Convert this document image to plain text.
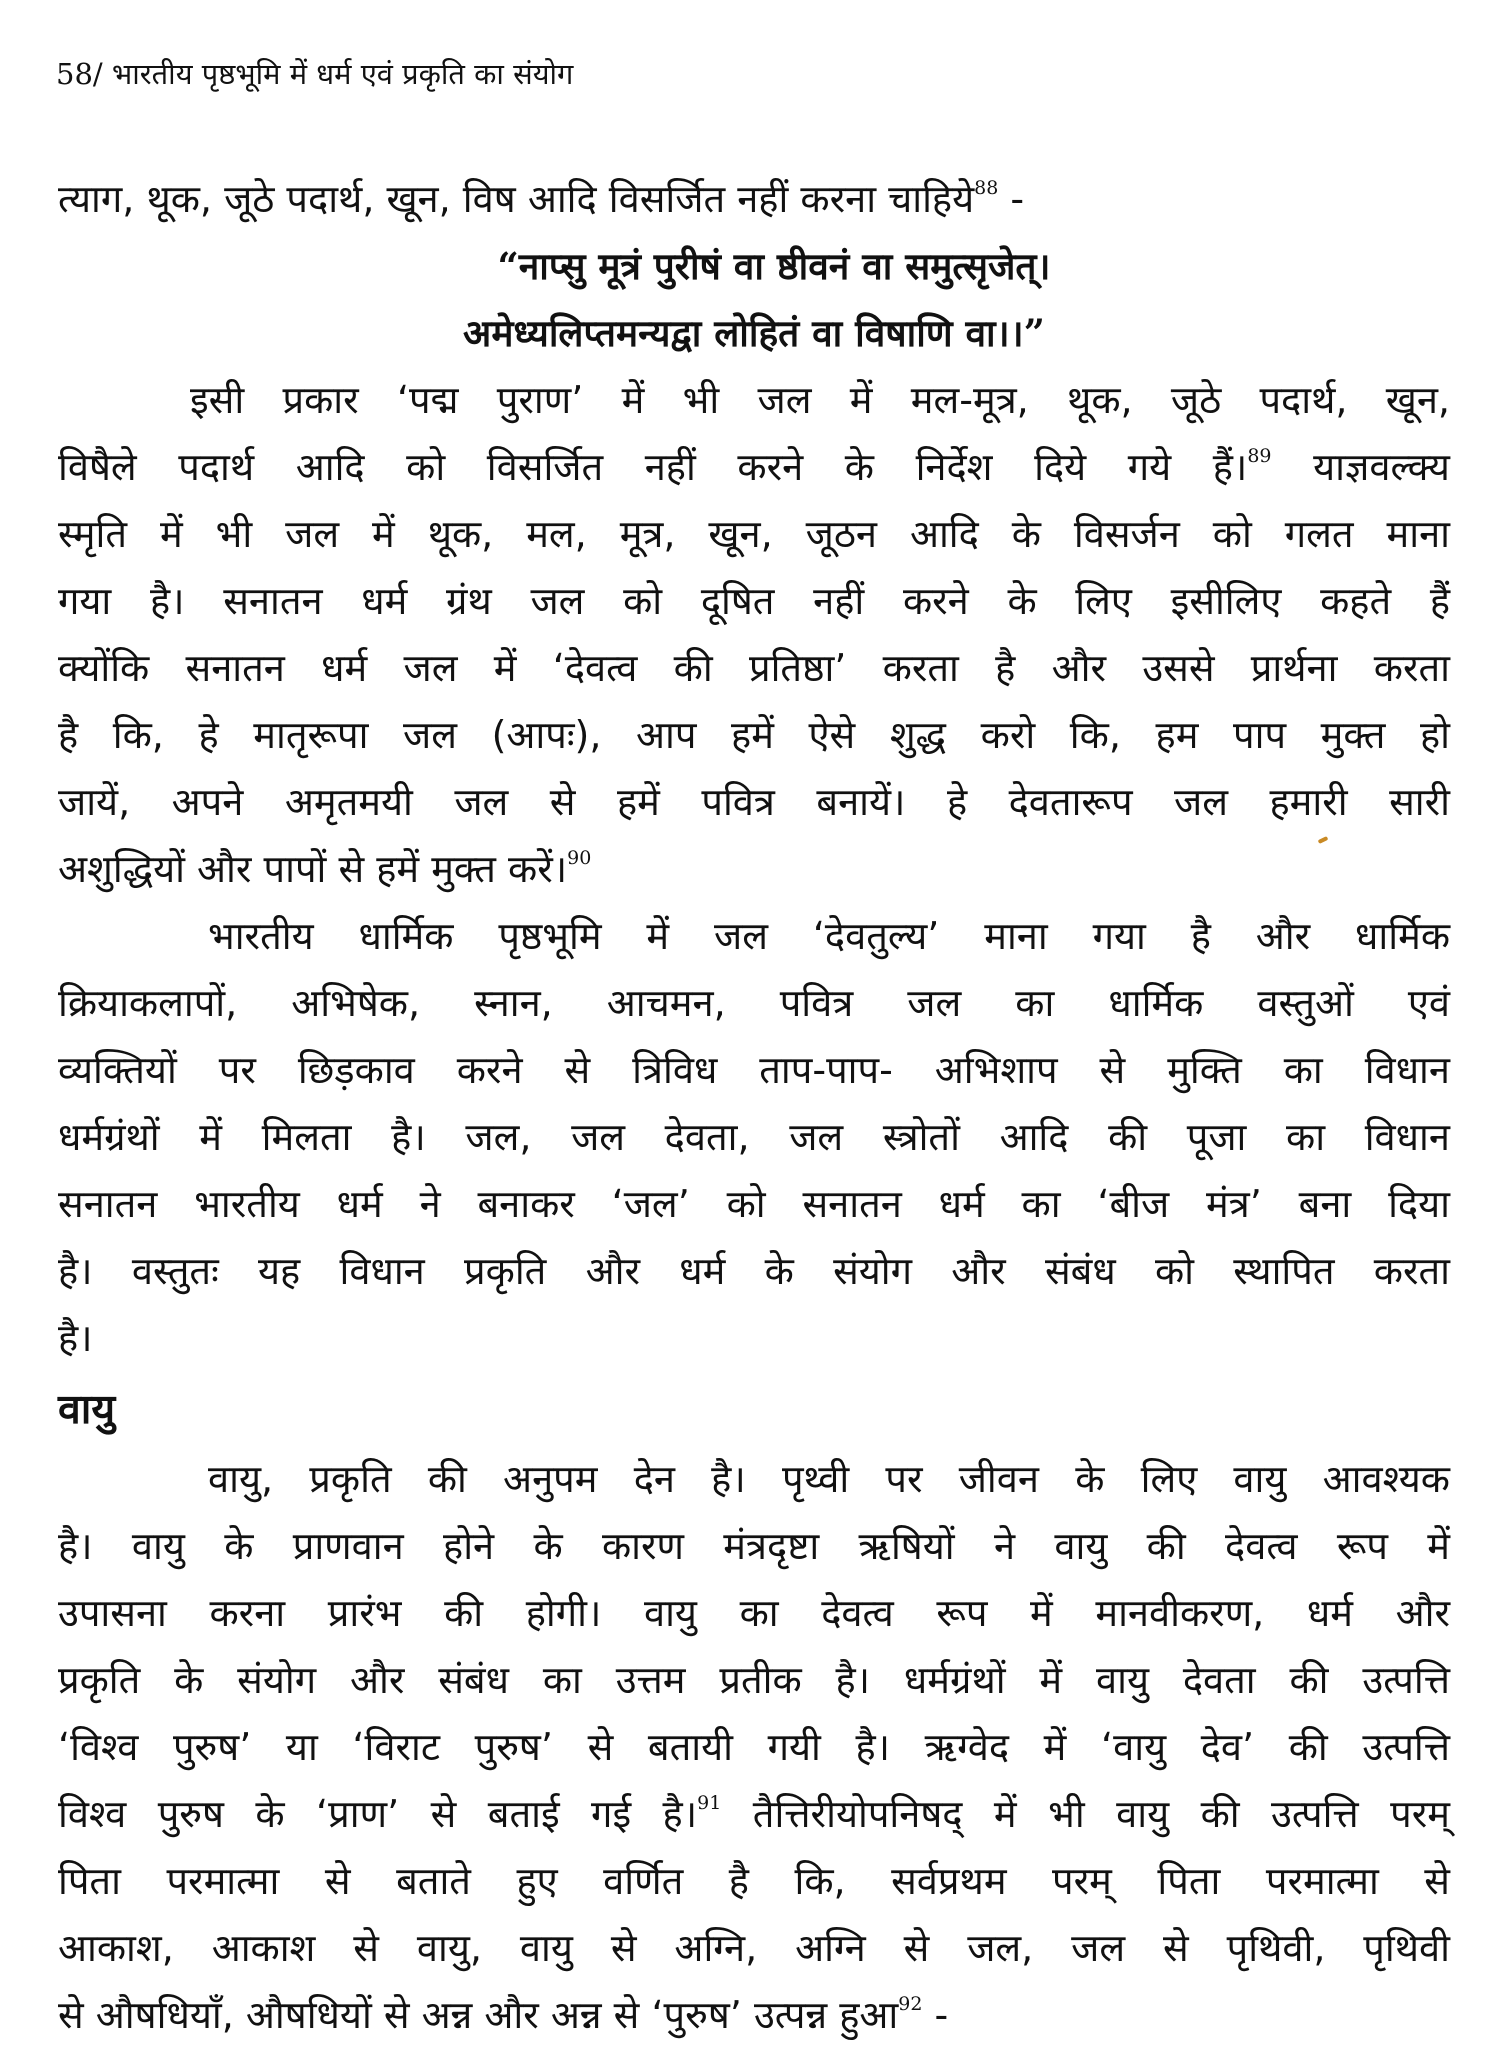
58/ भारतीय पृष्ठभूमि में धर्म एवं प्रकृति का संयोग
त्याग, थूक, जूठे पदार्थ, खून, विष आदि विसर्जित नहीं करना चाहिये$^{88}$ -
“नाप्सु मूत्रं पुरीषं वा ष्ठीवनं वा समुत्सृजेत्।
अमेध्यलिप्तमन्यद्वा लोहितं वा विषाणि वा।।”
इसी प्रकार ‘पद्म पुराण’ में भी जल में मल-मूत्र, थूक, जूठे पदार्थ, खून,
विषैले पदार्थ आदि को विसर्जित नहीं करने के निर्देश दिये गये हैं।$^{89}$ याज्ञवल्क्य
स्मृति में भी जल में थूक, मल, मूत्र, खून, जूठन आदि के विसर्जन को गलत माना
गया है। सनातन धर्म ग्रंथ जल को दूषित नहीं करने के लिए इसीलिए कहते हैं
क्योंकि सनातन धर्म जल में ‘देवत्व की प्रतिष्ठा’ करता है और उससे प्रार्थना करता
है कि, हे मातृरूपा जल (आपः), आप हमें ऐसे शुद्ध करो कि, हम पाप मुक्त हो
जायें, अपने अमृतमयी जल से हमें पवित्र बनायें। हे देवतारूप जल हमारी सारी
अशुद्धियों और पापों से हमें मुक्त करें।$^{90}$
भारतीय धार्मिक पृष्ठभूमि में जल ‘देवतुल्य’ माना गया है और धार्मिक
क्रियाकलापों, अभिषेक, स्नान, आचमन, पवित्र जल का धार्मिक वस्तुओं एवं
व्यक्तियों पर छिड़काव करने से त्रिविध ताप-पाप- अभिशाप से मुक्ति का विधान
धर्मग्रंथों में मिलता है। जल, जल देवता, जल स्त्रोतों आदि की पूजा का विधान
सनातन भारतीय धर्म ने बनाकर ‘जल’ को सनातन धर्म का ‘बीज मंत्र’ बना दिया
है। वस्तुतः यह विधान प्रकृति और धर्म के संयोग और संबंध को स्थापित करता
है।
वायु
वायु, प्रकृति की अनुपम देन है। पृथ्वी पर जीवन के लिए वायु आवश्यक
है। वायु के प्राणवान होने के कारण मंत्रदृष्टा ऋषियों ने वायु की देवत्व रूप में
उपासना करना प्रारंभ की होगी। वायु का देवत्व रूप में मानवीकरण, धर्म और
प्रकृति के संयोग और संबंध का उत्तम प्रतीक है। धर्मग्रंथों में वायु देवता की उत्पत्ति
‘विश्व पुरुष’ या ‘विराट पुरुष’ से बतायी गयी है। ऋग्वेद में ‘वायु देव’ की उत्पत्ति
विश्व पुरुष के ‘प्राण’ से बताई गई है।$^{91}$ तैत्तिरीयोपनिषद् में भी वायु की उत्पत्ति परम्
पिता परमात्मा से बताते हुए वर्णित है कि, सर्वप्रथम परम् पिता परमात्मा से
आकाश, आकाश से वायु, वायु से अग्नि, अग्नि से जल, जल से पृथिवी, पृथिवी
से औषधियाँ, औषधियों से अन्न और अन्न से ‘पुरुष’ उत्पन्न हुआ$^{92}$ -
